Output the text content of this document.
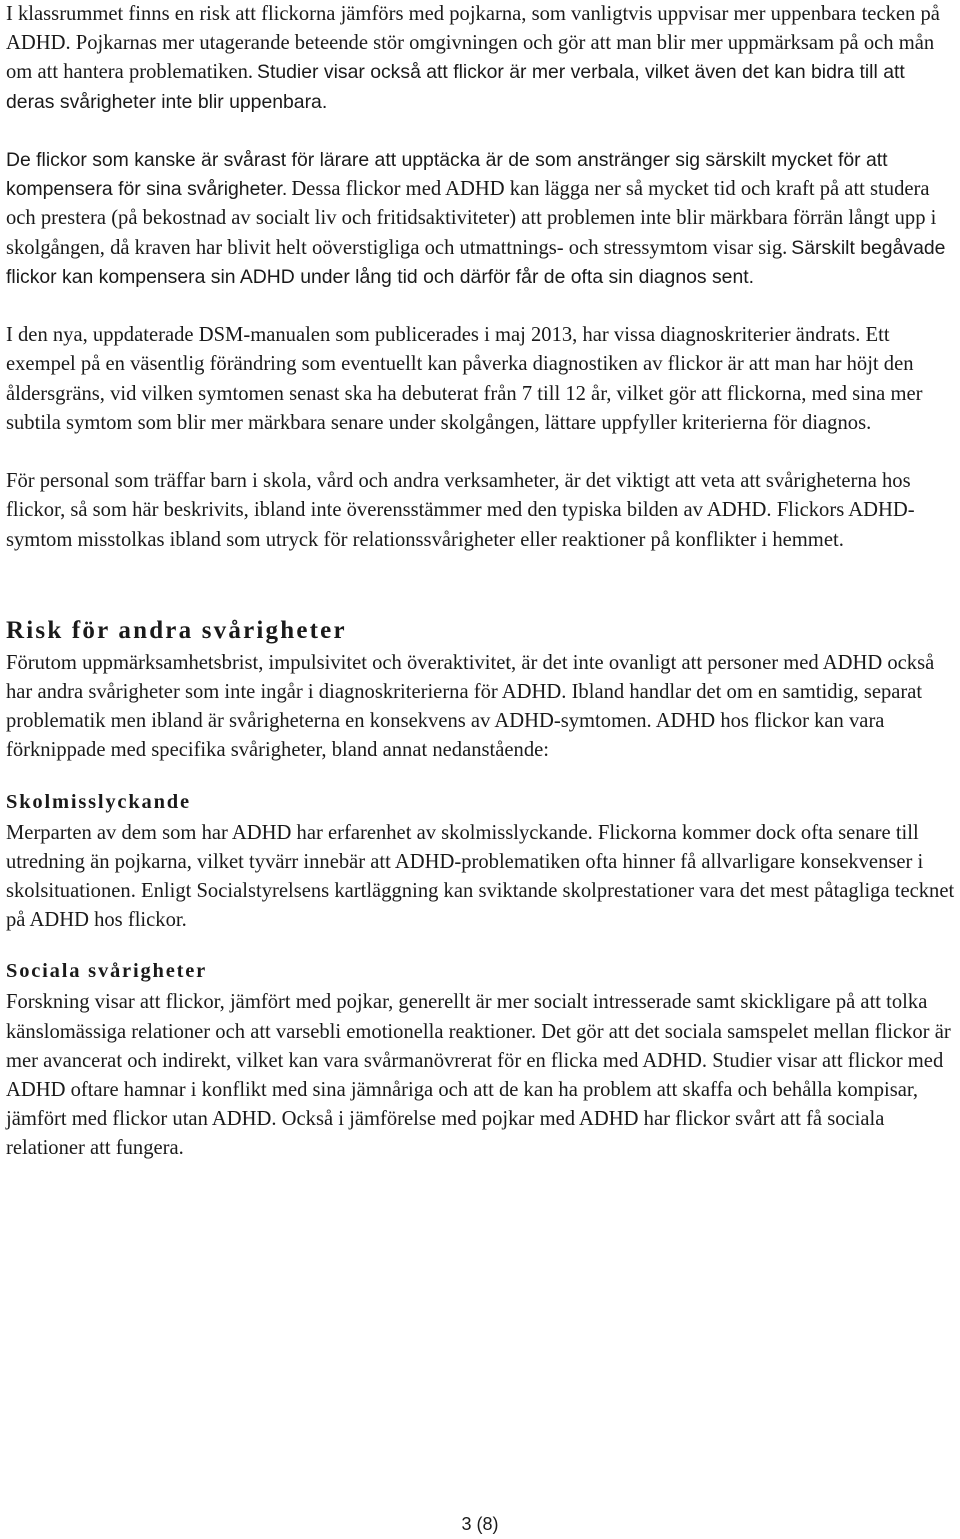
I klassrummet finns en risk att flickorna jämförs med pojkarna, som vanligtvis uppvisar mer uppenbara tecken på ADHD. Pojkarnas mer utagerande beteende stör omgivningen och gör att man blir mer uppmärksam på och mån om att hantera problematiken. Studier visar också att flickor är mer verbala, vilket även det kan bidra till att deras svårigheter inte blir uppenbara.

De flickor som kanske är svårast för lärare att upptäcka är de som anstränger sig särskilt mycket för att kompensera för sina svårigheter. Dessa flickor med ADHD kan lägga ner så mycket tid och kraft på att studera och prestera (på bekostnad av socialt liv och fritidsaktiviteter) att problemen inte blir märkbara förrän långt upp i skolgången, då kraven har blivit helt oöverstigliga och utmattnings- och stressymtom visar sig. Särskilt begåvade flickor kan kompensera sin ADHD under lång tid och därför får de ofta sin diagnos sent.

I den nya, uppdaterade DSM-manualen som publicerades i maj 2013, har vissa diagnoskriterier ändrats. Ett exempel på en väsentlig förändring som eventuellt kan påverka diagnostiken av flickor är att man har höjt den åldersgräns, vid vilken symtomen senast ska ha debuterat från 7 till 12 år, vilket gör att flickorna, med sina mer subtila symtom som blir mer märkbara senare under skolgången, lättare uppfyller kriterierna för diagnos.

För personal som träffar barn i skola, vård och andra verksamheter, är det viktigt att veta att svårigheterna hos flickor, så som här beskrivits, ibland inte överensstämmer med den typiska bilden av ADHD. Flickors ADHD-symtom misstolkas ibland som utryck för relationssvårigheter eller reaktioner på konflikter i hemmet.

Risk för andra svårigheter

Förutom uppmärksamhetsbrist, impulsivitet och överaktivitet, är det inte ovanligt att personer med ADHD också har andra svårigheter som inte ingår i diagnoskriterierna för ADHD. Ibland handlar det om en samtidig, separat problematik men ibland är svårigheterna en konsekvens av ADHD-symtomen. ADHD hos flickor kan vara förknippade med specifika svårigheter, bland annat nedanstående:

Skolmisslyckande

Merparten av dem som har ADHD har erfarenhet av skolmisslyckande. Flickorna kommer dock ofta senare till utredning än pojkarna, vilket tyvärr innebär att ADHD-problematiken ofta hinner få allvarligare konsekvenser i skolsituationen. Enligt Socialstyrelsens kartläggning kan sviktande skolprestationer vara det mest påtagliga tecknet på ADHD hos flickor.

Sociala svårigheter

Forskning visar att flickor, jämfört med pojkar, generellt är mer socialt intresserade samt skickligare på att tolka känslomässiga relationer och att varsebli emotionella reaktioner. Det gör att det sociala samspelet mellan flickor är mer avancerat och indirekt, vilket kan vara svårmanövrerat för en flicka med ADHD. Studier visar att flickor med ADHD oftare hamnar i konflikt med sina jämnåriga och att de kan ha problem att skaffa och behålla kompisar, jämfört med flickor utan ADHD. Också i jämförelse med pojkar med ADHD har flickor svårt att få sociala relationer att fungera.

3 (8)
